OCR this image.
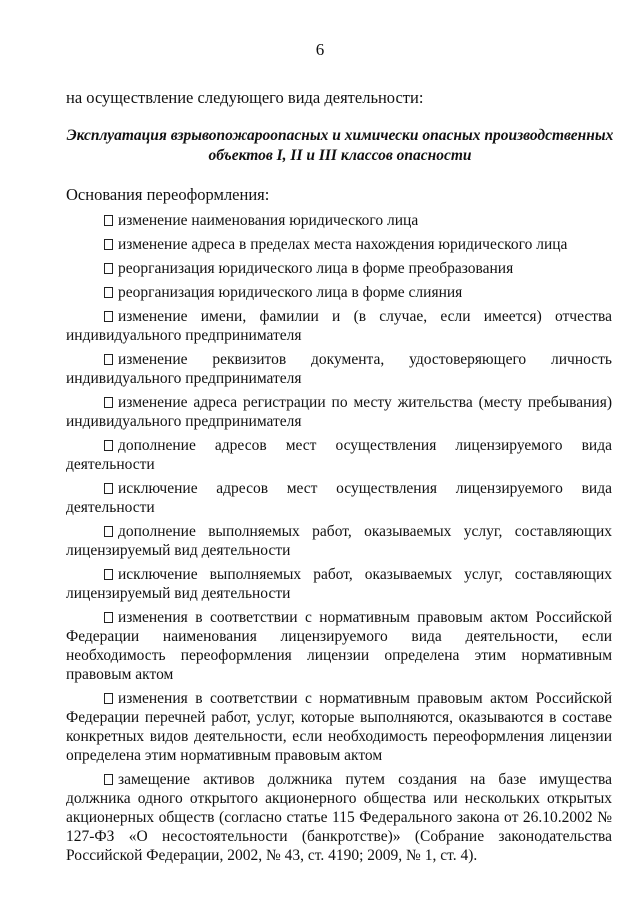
6
на осуществление следующего вида деятельности:
Эксплуатация взрывопожароопасных и химически опасных производственных
объектов I, II и III классов опасности
Основания переоформления:

изменение наименования юридического лица

изменение адреса в пределах места нахождения юридического лица

реорганизация юридического лица в форме преобразования

реорганизация юридического лица в форме слияния

изменение имени, фамилии и (в случае, если имеется) отчества индивидуального предпринимателя

изменение реквизитов документа, удостоверяющего личность индивидуального предпринимателя

изменение адреса регистрации по месту жительства (месту пребывания) индивидуального предпринимателя

дополнение адресов мест осуществления лицензируемого вида деятельности

исключение адресов мест осуществления лицензируемого вида деятельности

дополнение выполняемых работ, оказываемых услуг, составляющих лицензируемый вид деятельности

исключение выполняемых работ, оказываемых услуг, составляющих лицензируемый вид деятельности

изменения в соответствии с нормативным правовым актом Российской Федерации наименования лицензируемого вида деятельности, если необходимость переоформления лицензии определена этим нормативным правовым актом

изменения в соответствии с нормативным правовым актом Российской Федерации перечней работ, услуг, которые выполняются, оказываются в составе конкретных видов деятельности, если необходимость переоформления лицензии определена этим нормативным правовым актом

замещение активов должника путем создания на базе имущества должника одного открытого акционерного общества или нескольких открытых акционерных обществ (согласно статье 115 Федерального закона от 26.10.2002 № 127-ФЗ «О несостоятельности (банкротстве)» (Собрание законодательства Российской Федерации, 2002, № 43, ст. 4190; 2009, № 1, ст. 4).
